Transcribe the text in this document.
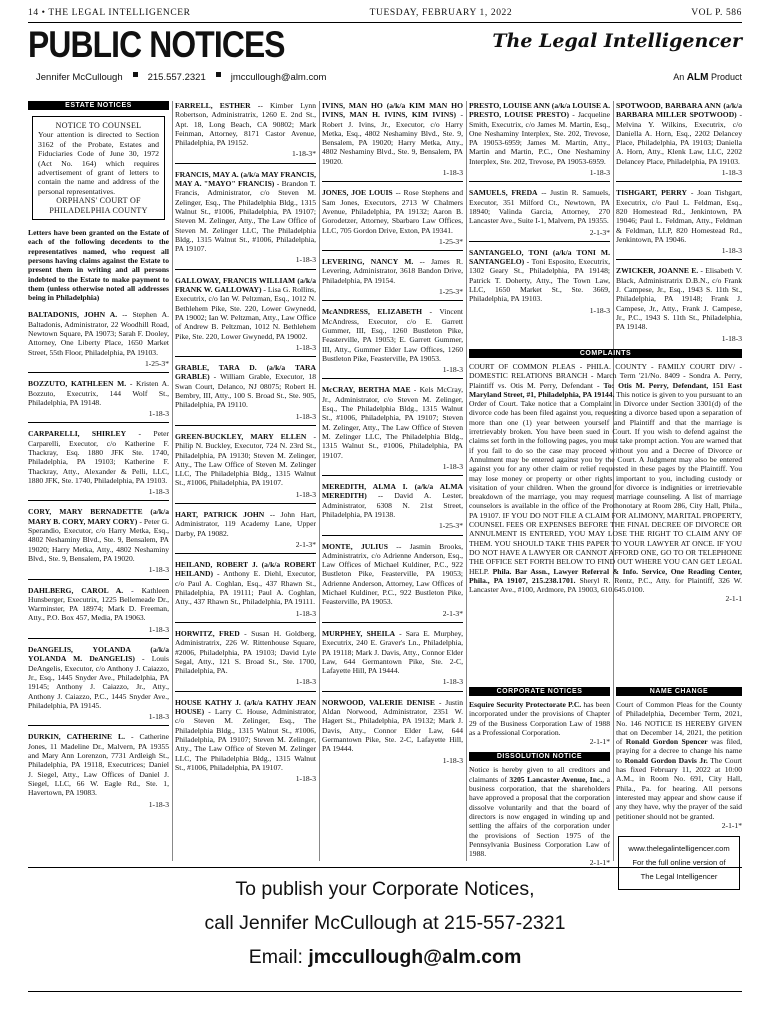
14 • THE LEGAL INTELLIGENCER	TUESDAY, FEBRUARY 1, 2022	VOL P. 586
PUBLIC NOTICES	The Legal Intelligencer
Jennifer McCullough	215.557.2321	jmccullough@alm.com	An ALM Product
ESTATE NOTICES
NOTICE TO COUNSEL
Your attention is directed to Section 3162 of the Probate, Estates and Fiduciaries Code of June 30, 1972 (Act No. 164) which requires advertisement of grant of letters to contain the name and address of the personal representatives.
ORPHANS' COURT OF PHILADELPHIA COUNTY
Letters have been granted on the Estate of each of the following decedents to the representatives named, who request all persons having claims against the Estate to present them in writing and all persons indebted to the Estate to make payment to them (unless otherwise noted all addresses being in Philadelphia)
BALTADONIS, JOHN A. -- Stephen A. Baltadonis, Administrator, 22 Woodhill Road, Newtown Square, PA 19073; Sarah F. Dooley, Attorney, One Liberty Place, 1650 Market Street, 55th Floor, Philadelphia, PA 19103.
1-25-3*
BOZZUTO, KATHLEEN M. - Kristen A. Bozzuto, Executrix, 144 Wolf St., Philadelphia, PA 19148.
1-18-3
CARPARELLI, SHIRLEY - Peter Carparelli, Executor, c/o Katherine F. Thackray, Esq. 1880 JFK Ste. 1740, Philadelphia, PA 19103; Katherine F. Thackray, Atty., Alexander & Pelli, LLC, 1880 JFK, Ste. 1740, Philadelphia, PA 19103.
1-18-3
CORY, MARY BERNADETTE (a/k/a MARY B. CORY, MARY CORY) - Peter G. Sperandio, Executor, c/o Harry Metka, Esq., 4802 Neshaminy Blvd., Ste. 9, Bensalem, PA 19020; Harry Metka, Atty., 4802 Neshaminy Blvd., Ste. 9, Bensalem, PA 19020.
1-18-3
DAHLBERG, CAROL A. - Kathleen Hunsberger, Executrix, 1225 Bellemeade Dr., Warminster, PA 18974; Mark D. Freeman, Atty., P.O. Box 457, Media, PA 19063.
1-18-3
DeANGELIS, YOLANDA (a/k/a YOLANDA M. DeANGELIS) - Louis DeAngelis, Executor, c/o Anthony J. Caiazzo, Jr., Esq., 1445 Snyder Ave., Philadelphia, PA 19145; Anthony J. Caiazzo, Jr., Atty., Anthony J. Caiazzo, P.C., 1445 Snyder Ave., Philadelphia, PA 19145.
1-18-3
DURKIN, CATHERINE L. - Catherine Jones, 11 Madeline Dr., Malvern, PA 19355 and Mary Ann Lorenzon, 7731 Ardleigh St., Philadelphia, PA 19118, Executrices; Daniel J. Siegel, Atty., Law Offices of Daniel J. Siegel, LLC, 66 W. Eagle Rd., Ste. 1, Havertown, PA 19083.
1-18-3
FARRELL, ESTHER -- Kimber Lynn Robertson, Administratrix, 1260 E. 2nd St., Apt. 18, Long Beach, CA 90802; Mark Feinman, Attorney, 8171 Castor Avenue, Philadelphia, PA 19152.
1-18-3*
FRANCIS, MAY A. (a/k/a MAY FRANCIS, MAY A. "MAYO" FRANCIS) - Brandon T. Francis, Administrator, c/o Steven M. Zelinger, Esq., The Philadelphia Bldg., 1315 Walnut St., #1006, Philadelphia, PA 19107; Steven M. Zelinger, Atty., The Law Office of Steven M. Zelinger LLC, The Philadelphia Bldg., 1315 Walnut St., #1006, Philadelphia, PA 19107.
1-18-3
GALLOWAY, FRANCIS WILLIAM (a/k/a FRANK W. GALLOWAY) - Lisa G. Rollins, Executrix, c/o Ian W. Peltzman, Esq., 1012 N. Bethlehem Pike, Ste. 220, Lower Gwynedd, PA 19002; Ian W. Peltzman, Atty., Law Office of Andrew B. Peltzman, 1012 N. Bethlehem Pike, Ste. 220, Lower Gwynedd, PA 19002.
1-18-3
GRABLE, TARA D. (a/k/a TARA GRABLE) - William Grable, Executor, 18 Swan Court, Delanco, NJ 08075; Robert H. Bembry, III, Atty., 100 S. Broad St., Ste. 905, Philadelphia, PA 19110.
1-18-3
GREEN-BUCKLEY, MARY ELLEN - Philip N. Buckley, Executor, 724 N. 23rd St., Philadelphia, PA 19130; Steven M. Zelinger, Atty., The Law Office of Steven M. Zelinger LLC, The Philadelphia Bldg., 1315 Walnut St., #1006, Philadelphia, PA 19107.
1-18-3
HART, PATRICK JOHN -- John Hart, Administrator, 119 Academy Lane, Upper Darby, PA 19082.
2-1-3*
HEILAND, ROBERT J. (a/k/a ROBERT HEILAND) - Anthony E. Diehl, Executor, c/o Paul A. Coghlan, Esq., 437 Rhawn St., Philadelphia, PA 19111; Paul A. Coghlan, Atty., 437 Rhawn St., Philadelphia, PA 19111.
1-18-3
HORWITZ, FRED - Susan H. Goldberg, Administratrix, 226 W. Rittenhouse Square, #2006, Philadelphia, PA 19103; David Lyle Segal, Atty., 121 S. Broad St., Ste. 1700, Philadelphia, PA.
1-18-3
HOUSE KATHY J. (a/k/a KATHY JEAN HOUSE) - Larry C. House, Administrator, c/o Steven M. Zelinger, Esq., The Philadelphia Bldg., 1315 Walnut St., #1006, Philadelphia, PA 19107; Steven M. Zelinger, Atty., The Law Office of Steven M. Zelinger LLC, The Philadelphia Bldg., 1315 Walnut St., #1006, Philadelphia, PA 19107.
1-18-3
IVINS, MAN HO (a/k/a KIM MAN HO IVINS, MAN H. IVINS, KIM IVINS) - Robert J. Ivins, Jr., Executor, c/o Harry Metka, Esq., 4802 Neshaminy Blvd., Ste. 9, Bensalem, PA 19020; Harry Metka, Atty., 4802 Neshaminy Blvd., Ste. 9, Bensalem, PA 19020.
1-18-3
JONES, JOE LOUIS -- Rose Stephens and Sam Jones, Executors, 2713 W Chalmers Avenue, Philadelphia, PA 19132; Aaron B. Gorodetzer, Attorney, Sbarbaro Law Offices, LLC, 705 Gordon Drive, Exton, PA 19341.
1-25-3*
LEVERING, NANCY M. -- James R. Levering, Administrator, 3618 Bandon Drive, Philadelphia, PA 19154.
1-25-3*
McANDRESS, ELIZABETH - Vincent McAndress, Executor, c/o E. Garrett Gummer, III, Esq., 1260 Bustleton Pike, Feasterville, PA 19053; E. Garrett Gummer, III, Atty., Gummer Elder Law Offices, 1260 Bustleton Pike, Feasterville, PA 19053.
1-18-3
McCRAY, BERTHA MAE - Kels McCray, Jr., Administrator, c/o Steven M. Zelinger, Esq., The Philadelphia Bldg., 1315 Walnut St., #1006, Philadelphia, PA 19107; Steven M. Zelinger, Atty., The Law Office of Steven M. Zelinger LLC, The Philadelphia Bldg., 1315 Walnut St., #1006, Philadelphia, PA 19107.
1-18-3
MEREDITH, ALMA I. (a/k/a ALMA MEREDITH) -- David A. Lester, Administrator, 6308 N. 21st Street, Philadelphia, PA 19138.
1-25-3*
MONTE, JULIUS -- Jasmin Brooks, Administratrix, c/o Adrienne Anderson, Esq., Law Offices of Michael Kuldiner, P.C., 922 Bustleton Pike, Feasterville, PA 19053; Adrienne Anderson, Attorney, Law Offices of Michael Kuldiner, P.C., 922 Bustleton Pike, Feasterville, PA 19053.
2-1-3*
MURPHEY, SHEILA - Sara E. Murphey, Executrix, 240 E. Graver's Ln., Philadelphia, PA 19118; Mark J. Davis, Atty., Connor Elder Law, 644 Germantown Pike, Ste. 2-C, Lafayette Hill, PA 19444.
1-18-3
NORWOOD, VALERIE DENISE - Justin Aldan Norwood, Administrator, 2351 W. Hagert St., Philadelphia, PA 19132; Mark J. Davis, Atty., Connor Elder Law, 644 Germantown Pike, Ste. 2-C, Lafayette Hill, PA 19444.
1-18-3
PRESTO, LOUISE ANN (a/k/a LOUISE A. PRESTO, LOUISE PRESTO) - Jacqueline Smith, Executrix, c/o James M. Martin, Esq., One Neshaminy Interplex, Ste. 202, Trevose, PA 19053-6959; James M. Martin, Atty., Martin and Martin, P.C., One Neshaminy Interplex, Ste. 202, Trevose, PA 19053-6959.
1-18-3
SAMUELS, FREDA -- Justin R. Samuels, Executor, 351 Milford Ct., Newtown, PA 18940; Valinda Garcia, Attorney, 270 Lancaster Ave., Suite I-1, Malvern, PA 19355.
2-1-3*
SANTANGELO, TONI (a/k/a TONI M. SANTANGELO) - Toni Esposito, Executrix, 1302 Geary St., Philadelphia, PA 19148; Patrick T. Doherty, Atty., The Town Law, LLC, 1650 Market St., Ste. 3669, Philadelphia, PA 19103.
1-18-3
SPOTWOOD, BARBARA ANN (a/k/a BARBARA MILLER SPOTWOOD) - Melvina Y. Wilkins, Executrix, c/o Daniella A. Horn, Esq., 2202 Delancey Place, Philadelphia, PA 19103; Daniella A. Horn, Atty., Klenk Law, LLC, 2202 Delancey Place, Philadelphia, PA 19103.
1-18-3
TISHGART, PERRY - Joan Tishgart, Executrix, c/o Paul L. Feldman, Esq., 820 Homestead Rd., Jenkintown, PA 19046; Paul L. Feldman, Atty., Feldman & Feldman, LLP, 820 Homestead Rd., Jenkintown, PA 19046.
1-18-3
ZWICKER, JOANNE E. - Elisabeth V. Black, Administratrix D.B.N., c/o Frank J. Campese, Jr., Esq., 1943 S. 11th St., Philadelphia, PA 19148; Frank J. Campese, Jr., Atty., Frank J. Campese, Jr., P.C., 1943 S. 11th St., Philadelphia, PA 19148.
1-18-3
COMPLAINTS
COURT OF COMMON PLEAS - PHILA. COUNTY - FAMILY COURT DIV/ - DOMESTIC RELATIONS BRANCH - March Term '21/No. 8409 - Sondra A. Perry, Plaintiff vs. Otis M. Perry, Defendant - To: Otis M. Perry, Defendant, 151 East Maryland Street, #1, Philadelphia, PA 19144. This notice is given to you pursuant to an Order of Court. Take notice that a Complaint in Divorce under Section 3301(d) of the divorce code has been filed against you, requesting a divorce based upon a separation of more than one (1) year between yourself and Plaintiff and that the marriage is irretrievably broken. You have been sued in Court. If you wish to defend against the claims set forth in the following pages, you must take prompt action. You are warned that if you fail to do so the case may proceed without you and a Decree of Divorce or Annulment may be entered against you by the Court. A Judgment may also be entered against you for any other claim or relief requested in these pages by the Plaintiff. You may lose money or property or other rights important to you, including custody or visitation of your children. When the ground for divorce is indignities or irretrievable breakdown of the marriage, you may request marriage counseling. A list of marriage counselors is available in the office of the Prothonotary at Room 286, City Hall, Phila., PA 19107. IF YOU DO NOT FILE A CLAIM FOR ALIMONY, MARITAL PROPERTY, COUNSEL FEES OR EXPENSES BEFORE THE FINAL DECREE OF DIVORCE OR ANNULMENT IS ENTERED, YOU MAY LOSE THE RIGHT TO CLAIM ANY OF THEM. YOU SHOULD TAKE THIS PAPER TO YOUR LAWYER AT ONCE. IF YOU DO NOT HAVE A LAWYER OR CANNOT AFFORD ONE, GO TO OR TELEPHONE THE OFFICE SET FORTH BELOW TO FIND OUT WHERE YOU CAN GET LEGAL HELP. Phila. Bar Assn., Lawyer Referral & Info. Service, One Reading Center, Phila., PA 19107, 215.238.1701. Sheryl R. Rentz, P.C., Atty. for Plaintiff, 326 W. Lancaster Ave., #100, Ardmore, PA 19003, 610.645.0100.
2-1-1
CORPORATE NOTICES
Esquire Security Protectorate P.C. has been incorporated under the provisions of Chapter 29 of the Business Corporation Law of 1988 as a Professional Corporation.
2-1-1*
DISSOLUTION NOTICE
Notice is hereby given to all creditors and claimants of 3205 Lancaster Avenue, Inc., a business corporation, that the shareholders have approved a proposal that the corporation dissolve voluntarily and that the board of directors is now engaged in winding up and settling the affairs of the corporation under the provisions of Section 1975 of the Pennsylvania Business Corporation Law of 1988.
2-1-1*
NAME CHANGE
Court of Common Pleas for the County of Philadelphia, December Term, 2021, No. 146 NOTICE IS HEREBY GIVEN that on December 14, 2021, the petition of Ronald Gordon Spencer was filed, praying for a decree to change his name to Ronald Gordon Davis Jr. The Court has fixed February 11, 2022 at 10:00 A.M., in Room No. 691, City Hall, Phila., Pa. for hearing. All persons interested may appear and show cause if any they have, why the prayer of the said petitioner should not be granted.
2-1-1*
www.thelegalintelligencer.com
For the full online version of
The Legal Intelligencer
To publish your Corporate Notices,
call Jennifer McCullough at 215-557-2321
Email: jmccullough@alm.com
